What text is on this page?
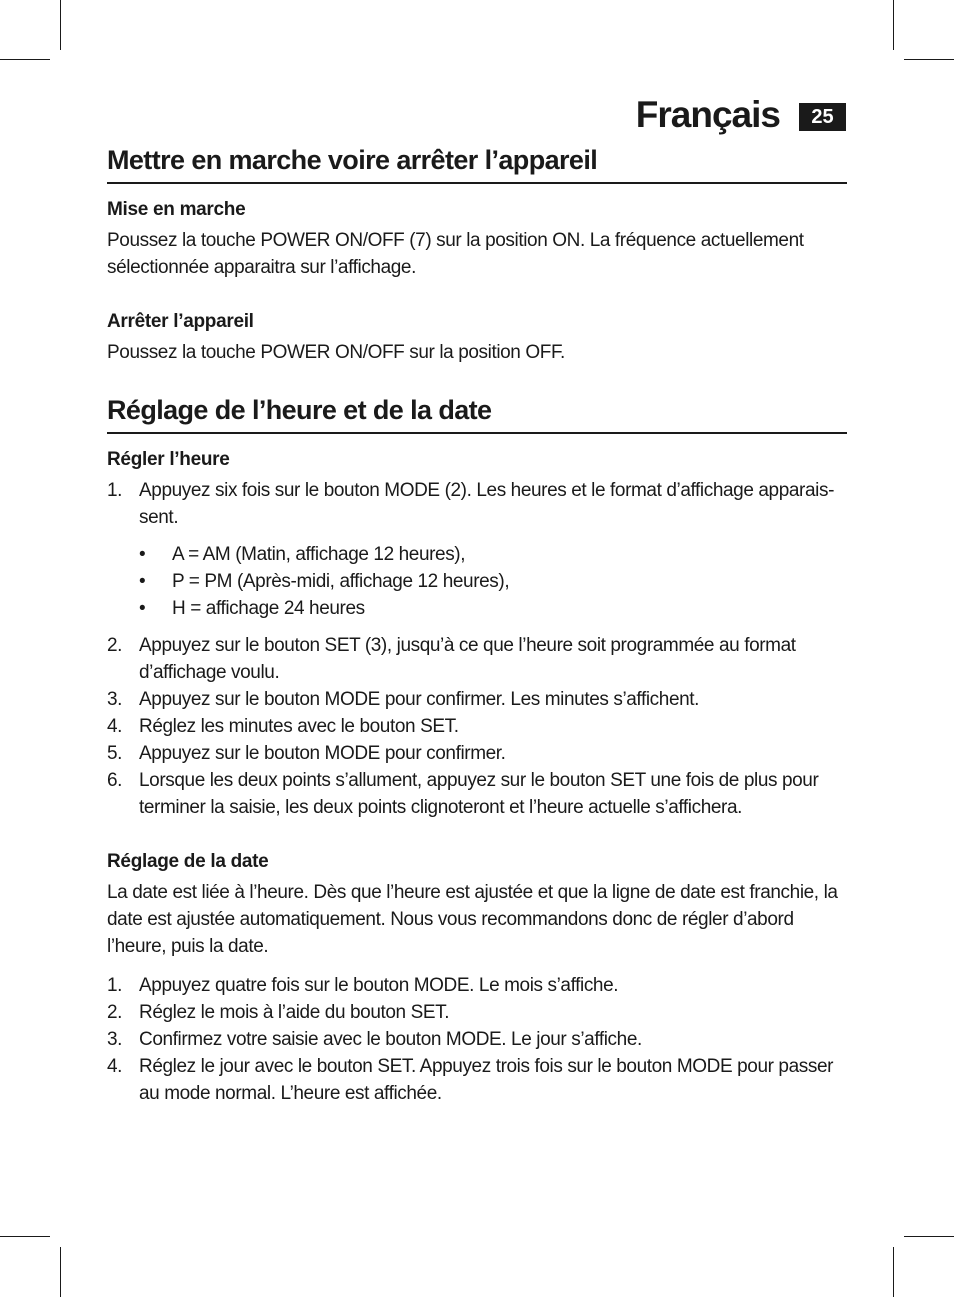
Français	25
Mettre en marche voire arrêter l’appareil
Mise en marche

Poussez la touche POWER ON/OFF (7) sur la position ON. La fréquence actuellement sélectionnée apparaitra sur l’affichage.

Arrêter l’appareil

Poussez la touche POWER ON/OFF sur la position OFF.

Réglage de l’heure et de la date
Régler l’heure
1. Appuyez six fois sur le bouton MODE (2). Les heures et le format d’affichage apparais-sent.
• A = AM (Matin, affichage 12 heures),
• P = PM (Après-midi, affichage 12 heures),
• H = affichage 24 heures
2. Appuyez sur le bouton SET (3), jusqu’à ce que l’heure soit programmée au format d’affichage voulu.
3. Appuyez sur le bouton MODE pour confirmer. Les minutes s’affichent.
4. Réglez les minutes avec le bouton SET.
5. Appuyez sur le bouton MODE pour confirmer.
6. Lorsque les deux points s’allument, appuyez sur le bouton SET une fois de plus pour terminer la saisie, les deux points clignoteront et l’heure actuelle s’affichera.
Réglage de la date

La date est liée à l’heure. Dès que l’heure est ajustée et que la ligne de date est franchie, la date est ajustée automatiquement. Nous vous recommandons donc de régler d’abord l’heure, puis la date.

1. Appuyez quatre fois sur le bouton MODE. Le mois s’affiche.
2. Réglez le mois à l’aide du bouton SET.
3. Confirmez votre saisie avec le bouton MODE. Le jour s’affiche.
4. Réglez le jour avec le bouton SET. Appuyez trois fois sur le bouton MODE pour passer au mode normal. L’heure est affichée.
